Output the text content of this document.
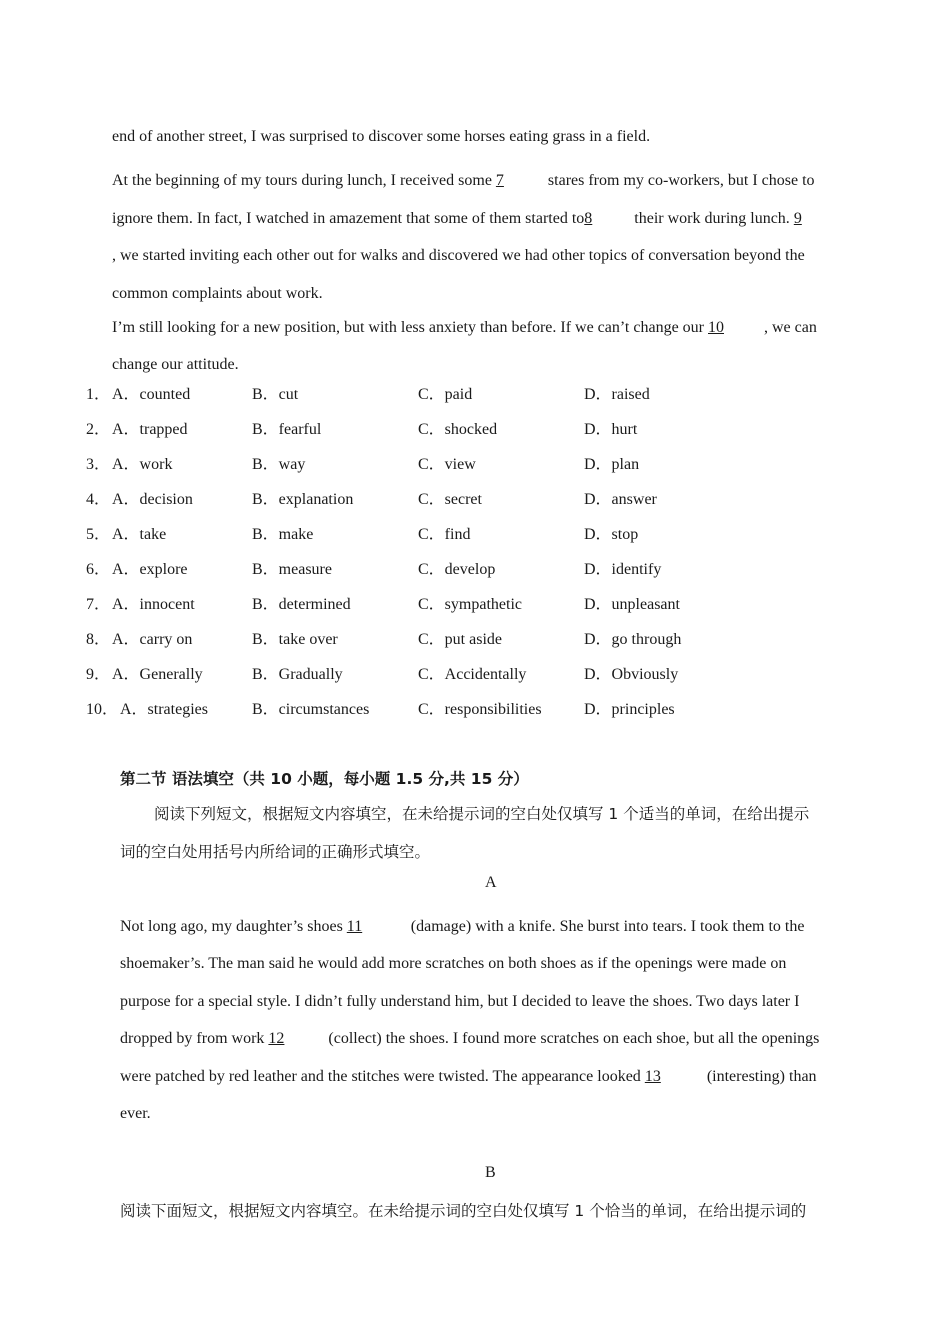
end of another street, I was surprised to discover some horses eating grass in a field.
At the beginning of my tours during lunch, I received some 7	stares from my co-workers, but I chose to
ignore them. In fact, I watched in amazement that some of them started to8 their work during lunch. 9
, we started inviting each other out for walks and discovered we had other topics of conversation beyond the
common complaints about work.
I’m still looking for a new position, but with less anxiety than before. If we can’t change our 10	, we can
change our attitude.
1． A．counted	B．cut	C．paid	D．raised
2． A．trapped	B．fearful	C．shocked	D．hurt
3． A．work	B．way	C．view	D．plan
4． A．decision	B．explanation	C．secret	D．answer
5． A．take	B．make	C．find	D．stop
6． A．explore	B．measure	C．develop	D．identify
7． A．innocent	B．determined	C．sympathetic	D．unpleasant
8． A．carry on	B．take over	C．put aside	D．go through
9． A．Generally	B．Gradually	C．Accidentally	D．Obviously
10． A．strategies	B．circumstances	C．responsibilities	D．principles
第二节 语法填空（共 10 小题，每小题 1.5 分,共 15 分）
阅读下列短文，根据短文内容填空，在未给提示词的空白处仅填写 1 个适当的单词，在给出提示
词的空白处用括号内所给词的正确形式填空。
A
Not long ago, my daughter’s shoes 11	(damage) with a knife. She burst into tears. I took them to the
shoemaker’s. The man said he would add more scratches on both shoes as if the openings were made on
purpose for a special style. I didn’t fully understand him, but I decided to leave the shoes. Two days later I
dropped by from work 12	(collect) the shoes. I found more scratches on each shoe, but all the openings
were patched by red leather and the stitches were twisted. The appearance looked 13	(interesting) than
ever.
B
阅读下面短文，根据短文内容填空。在未给提示词的空白处仅填写 1 个恰当的单词，在给出提示词的
